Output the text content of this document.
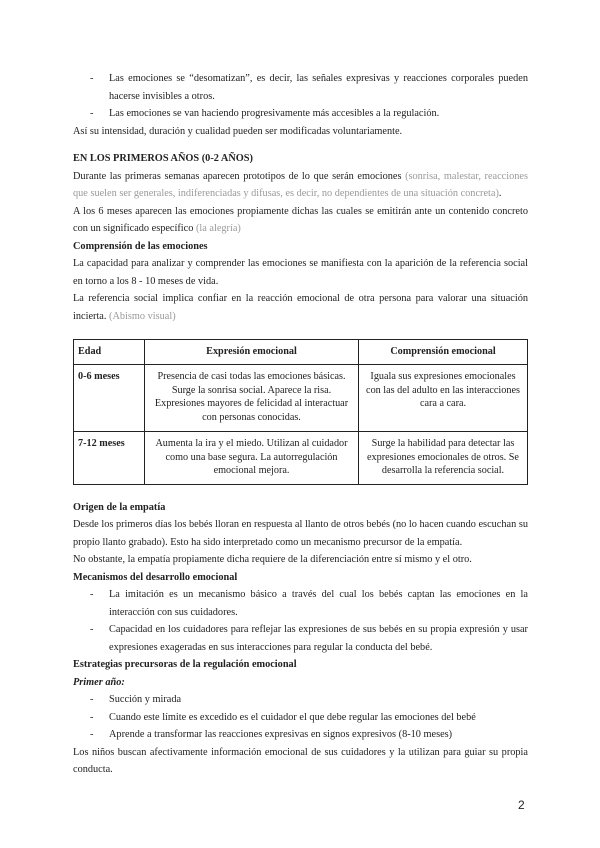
- Las emociones se “desomatizan”, es decir, las señales expresivas y reacciones corporales pueden hacerse invisibles a otros.
- Las emociones se van haciendo progresivamente más accesibles a la regulación.

Así su intensidad, duración y cualidad pueden ser modificadas voluntariamente.

EN LOS PRIMEROS AÑOS (0-2 AÑOS)

Durante las primeras semanas aparecen prototipos de lo que serán emociones (sonrisa, malestar, reacciones que suelen ser generales, indiferenciadas y difusas, es decir, no dependientes de una situación concreta).

A los 6 meses aparecen las emociones propiamente dichas las cuales se emitirán ante un contenido concreto con un significado específico (la alegría)

Comprensión de las emociones

La capacidad para analizar y comprender las emociones se manifiesta con la aparición de la referencia social en torno a los 8 - 10 meses de vida.

La referencia social implica confiar en la reacción emocional de otra persona para valorar una situación incierta. (Abismo visual)

Edad	Expresión emocional	Comprensión emocional
0-6 meses	Presencia de casi todas las emociones básicas. Surge la sonrisa social. Aparece la risa. Expresiones mayores de felicidad al interactuar con personas conocidas.	Iguala sus expresiones emocionales con las del adulto en las interacciones cara a cara.
7-12 meses	Aumenta la ira y el miedo. Utilizan al cuidador como una base segura. La autorregulación emocional mejora.	Surge la habilidad para detectar las expresiones emocionales de otros. Se desarrolla la referencia social.

Origen de la empatía

Desde los primeros días los bebés lloran en respuesta al llanto de otros bebés (no lo hacen cuando escuchan su propio llanto grabado). Esto ha sido interpretado como un mecanismo precursor de la empatía.

No obstante, la empatía propiamente dicha requiere de la diferenciación entre sí mismo y el otro.

Mecanismos del desarrollo emocional

- La imitación es un mecanismo básico a través del cual los bebés captan las emociones en la interacción con sus cuidadores.
- Capacidad en los cuidadores para reflejar las expresiones de sus bebés en su propia expresión y usar expresiones exageradas en sus interacciones para regular la conducta del bebé.

Estrategias precursoras de la regulación emocional

Primer año:

- Succión y mirada
- Cuando este límite es excedido es el cuidador el que debe regular las emociones del bebé
- Aprende a transformar las reacciones expresivas en signos expresivos (8-10 meses)

Los niños buscan afectivamente información emocional de sus cuidadores y la utilizan para guiar su propia conducta.

2
